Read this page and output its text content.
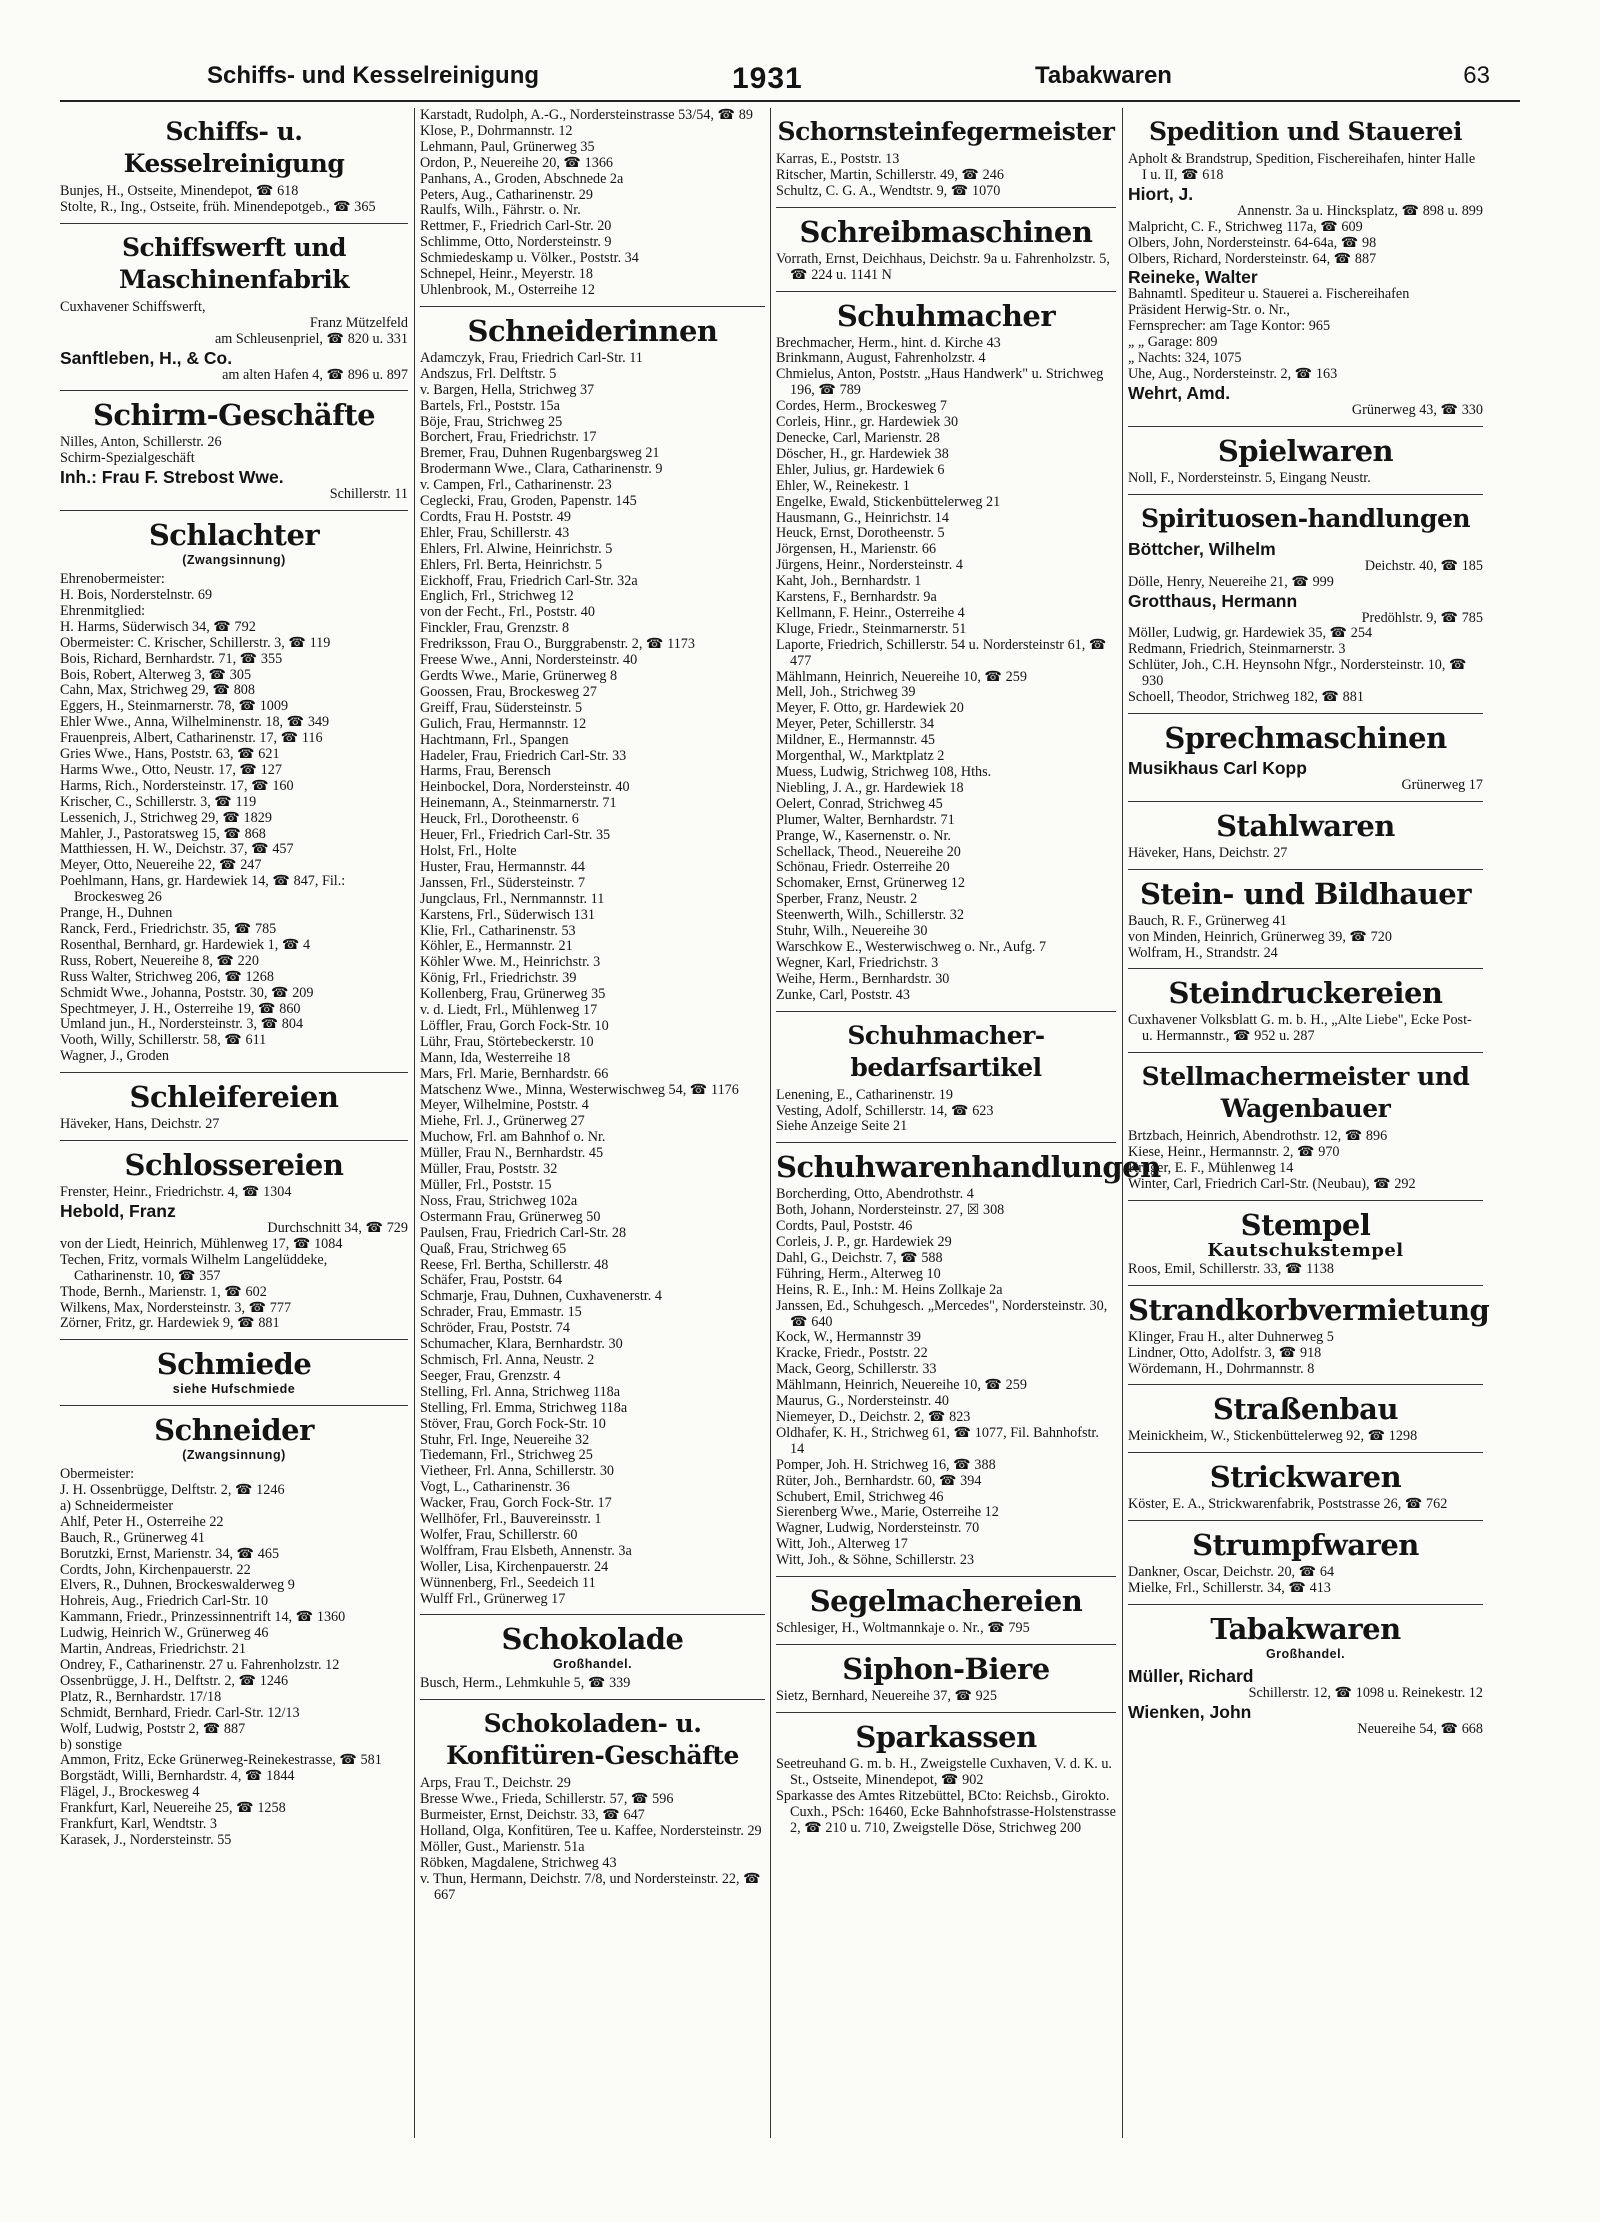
Schiffs- und Kesselreinigung	1931	Tabakwaren	63
Schiffs- u. Kesselreinigung

Bunjes, H., Ostseite, Minendepot, ☎ 618

Stolte, R., Ing., Ostseite, früh. Minendepotgeb., ☎ 365

Schiffswerft und Maschinenfabrik

Cuxhavener Schiffswerft,

Franz Mützelfeld

am Schleusenpriel, ☎ 820 u. 331

Sanftleben, H., & Co.

am alten Hafen 4, ☎ 896 u. 897

Schirm-Geschäfte

Nilles, Anton, Schillerstr. 26

Schirm-Spezialgeschäft

Inh.: Frau F. Strebost Wwe.

Schillerstr. 11

Schlachter
(Zwangsinnung)

Ehrenobermeister:

H. Bois, Norderstelnstr. 69

Ehrenmitglied:

H. Harms, Süderwisch 34, ☎ 792

Obermeister: C. Krischer, Schillerstr. 3, ☎ 119

Bois, Richard, Bernhardstr. 71, ☎ 355

Bois, Robert, Alterweg 3, ☎ 305

Cahn, Max, Strichweg 29, ☎ 808

Eggers, H., Steinmarnerstr. 78, ☎ 1009

Ehler Wwe., Anna, Wilhelminenstr. 18, ☎ 349

Frauenpreis, Albert, Catharinenstr. 17, ☎ 116

Gries Wwe., Hans, Poststr. 63, ☎ 621

Harms Wwe., Otto, Neustr. 17, ☎ 127

Harms, Rich., Nordersteinstr. 17, ☎ 160

Krischer, C., Schillerstr. 3, ☎ 119

Lessenich, J., Strichweg 29, ☎ 1829

Mahler, J., Pastoratsweg 15, ☎ 868

Matthiessen, H. W., Deichstr. 37, ☎ 457

Meyer, Otto, Neuereihe 22, ☎ 247

Poehlmann, Hans, gr. Hardewiek 14, ☎ 847, Fil.: Brockesweg 26

Prange, H., Duhnen

Ranck, Ferd., Friedrichstr. 35, ☎ 785

Rosenthal, Bernhard, gr. Hardewiek 1, ☎ 4

Russ, Robert, Neuereihe 8, ☎ 220

Russ Walter, Strichweg 206, ☎ 1268

Schmidt Wwe., Johanna, Poststr. 30, ☎ 209

Spechtmeyer, J. H., Osterreihe 19, ☎ 860

Umland jun., H., Nordersteinstr. 3, ☎ 804

Vooth, Willy, Schillerstr. 58, ☎ 611

Wagner, J., Groden

Schleifereien

Häveker, Hans, Deichstr. 27

Schlossereien

Frenster, Heinr., Friedrichstr. 4, ☎ 1304

Hebold, Franz

Durchschnitt 34, ☎ 729

von der Liedt, Heinrich, Mühlenweg 17, ☎ 1084

Techen, Fritz, vormals Wilhelm Langelüddeke, Catharinenstr. 10, ☎ 357

Thode, Bernh., Marienstr. 1, ☎ 602

Wilkens, Max, Nordersteinstr. 3, ☎ 777

Zörner, Fritz, gr. Hardewiek 9, ☎ 881

Schmiede
siehe Hufschmiede
Schneider
(Zwangsinnung)

Obermeister:

J. H. Ossenbrügge, Delftstr. 2, ☎ 1246

a) Schneidermeister

Ahlf, Peter H., Osterreihe 22

Bauch, R., Grünerweg 41

Borutzki, Ernst, Marienstr. 34, ☎ 465

Cordts, John, Kirchenpauerstr. 22

Elvers, R., Duhnen, Brockeswalderweg 9

Hohreis, Aug., Friedrich Carl-Str. 10

Kammann, Friedr., Prinzessinnentrift 14, ☎ 1360

Ludwig, Heinrich W., Grünerweg 46

Martin, Andreas, Friedrichstr. 21

Ondrey, F., Catharinenstr. 27 u. Fahrenholzstr. 12

Ossenbrügge, J. H., Delftstr. 2, ☎ 1246

Platz, R., Bernhardstr. 17/18

Schmidt, Bernhard, Friedr. Carl-Str. 12/13

Wolf, Ludwig, Poststr 2, ☎ 887

b) sonstige

Ammon, Fritz, Ecke Grünerweg-Reinekestrasse, ☎ 581

Borgstädt, Willi, Bernhardstr. 4, ☎ 1844

Flägel, J., Brockesweg 4

Frankfurt, Karl, Neuereihe 25, ☎ 1258

Frankfurt, Karl, Wendtstr. 3

Karasek, J., Nordersteinstr. 55

Karstadt, Rudolph, A.-G., Nordersteinstrasse 53/54, ☎ 89

Klose, P., Dohrmannstr. 12

Lehmann, Paul, Grünerweg 35

Ordon, P., Neuereihe 20, ☎ 1366

Panhans, A., Groden, Abschnede 2a

Peters, Aug., Catharinenstr. 29

Raulfs, Wilh., Fährstr. o. Nr.

Rettmer, F., Friedrich Carl-Str. 20

Schlimme, Otto, Nordersteinstr. 9

Schmiedeskamp u. Völker., Poststr. 34

Schnepel, Heinr., Meyerstr. 18

Uhlenbrook, M., Osterreihe 12

Schneiderinnen

Adamczyk, Frau, Friedrich Carl-Str. 11

Andszus, Frl. Delftstr. 5

v. Bargen, Hella, Strichweg 37

Bartels, Frl., Poststr. 15a

Böje, Frau, Strichweg 25

Borchert, Frau, Friedrichstr. 17

Bremer, Frau, Duhnen Rugenbargsweg 21

Brodermann Wwe., Clara, Catharinenstr. 9

v. Campen, Frl., Catharinenstr. 23

Ceglecki, Frau, Groden, Papenstr. 145

Cordts, Frau H. Poststr. 49

Ehler, Frau, Schillerstr. 43

Ehlers, Frl. Alwine, Heinrichstr. 5

Ehlers, Frl. Berta, Heinrichstr. 5

Eickhoff, Frau, Friedrich Carl-Str. 32a

Englich, Frl., Strichweg 12

von der Fecht., Frl., Poststr. 40

Finckler, Frau, Grenzstr. 8

Fredriksson, Frau O., Burggrabenstr. 2, ☎ 1173

Freese Wwe., Anni, Nordersteinstr. 40

Gerdts Wwe., Marie, Grünerweg 8

Goossen, Frau, Brockesweg 27

Greiff, Frau, Südersteinstr. 5

Gulich, Frau, Hermannstr. 12

Hachtmann, Frl., Spangen

Hadeler, Frau, Friedrich Carl-Str. 33

Harms, Frau, Berensch

Heinbockel, Dora, Nordersteinstr. 40

Heinemann, A., Steinmarnerstr. 71

Heuck, Frl., Dorotheenstr. 6

Heuer, Frl., Friedrich Carl-Str. 35

Holst, Frl., Holte

Huster, Frau, Hermannstr. 44

Janssen, Frl., Südersteinstr. 7

Jungclaus, Frl., Nernmannstr. 11

Karstens, Frl., Süderwisch 131

Klie, Frl., Catharinenstr. 53

Köhler, E., Hermannstr. 21

Köhler Wwe. M., Heinrichstr. 3

König, Frl., Friedrichstr. 39

Kollenberg, Frau, Grünerweg 35

v. d. Liedt, Frl., Mühlenweg 17

Löffler, Frau, Gorch Fock-Str. 10

Lühr, Frau, Störtebeckerstr. 10

Mann, Ida, Westerreihe 18

Mars, Frl. Marie, Bernhardstr. 66

Matschenz Wwe., Minna, Westerwischweg 54, ☎ 1176

Meyer, Wilhelmine, Poststr. 4

Miehe, Frl. J., Grünerweg 27

Muchow, Frl. am Bahnhof o. Nr.

Müller, Frau N., Bernhardstr. 45

Müller, Frau, Poststr. 32

Müller, Frl., Poststr. 15

Noss, Frau, Strichweg 102a

Ostermann Frau, Grünerweg 50

Paulsen, Frau, Friedrich Carl-Str. 28

Quaß, Frau, Strichweg 65

Reese, Frl. Bertha, Schillerstr. 48

Schäfer, Frau, Poststr. 64

Schmarje, Frau, Duhnen, Cuxhavenerstr. 4

Schrader, Frau, Emmastr. 15

Schröder, Frau, Poststr. 74

Schumacher, Klara, Bernhardstr. 30

Schmisch, Frl. Anna, Neustr. 2

Seeger, Frau, Grenzstr. 4

Stelling, Frl. Anna, Strichweg 118a

Stelling, Frl. Emma, Strichweg 118a

Stöver, Frau, Gorch Fock-Str. 10

Stuhr, Frl. Inge, Neuereihe 32

Tiedemann, Frl., Strichweg 25

Vietheer, Frl. Anna, Schillerstr. 30

Vogt, L., Catharinenstr. 36

Wacker, Frau, Gorch Fock-Str. 17

Wellhöfer, Frl., Bauvereinsstr. 1

Wolfer, Frau, Schillerstr. 60

Wolffram, Frau Elsbeth, Annenstr. 3a

Woller, Lisa, Kirchenpauerstr. 24

Wünnenberg, Frl., Seedeich 11

Wulff Frl., Grünerweg 17

Schokolade
Großhandel.

Busch, Herm., Lehmkuhle 5, ☎ 339

Schokoladen- u. Konfitüren-Geschäfte

Arps, Frau T., Deichstr. 29

Bresse Wwe., Frieda, Schillerstr. 57, ☎ 596

Burmeister, Ernst, Deichstr. 33, ☎ 647

Holland, Olga, Konfitüren, Tee u. Kaffee, Nordersteinstr. 29

Möller, Gust., Marienstr. 51a

Röbken, Magdalene, Strichweg 43

v. Thun, Hermann, Deichstr. 7/8, und Nordersteinstr. 22, ☎ 667

Schornsteinfegermeister

Karras, E., Poststr. 13

Ritscher, Martin, Schillerstr. 49, ☎ 246

Schultz, C. G. A., Wendtstr. 9, ☎ 1070

Schreibmaschinen

Vorrath, Ernst, Deichhaus, Deichstr. 9a u. Fahrenholzstr. 5, ☎ 224 u. 1141 N

Schuhmacher

Brechmacher, Herm., hint. d. Kirche 43

Brinkmann, August, Fahrenholzstr. 4

Chmielus, Anton, Poststr. „Haus Handwerk" u. Strichweg 196, ☎ 789

Cordes, Herm., Brockesweg 7

Corleis, Hinr., gr. Hardewiek 30

Denecke, Carl, Marienstr. 28

Döscher, H., gr. Hardewiek 38

Ehler, Julius, gr. Hardewiek 6

Ehler, W., Reinekestr. 1

Engelke, Ewald, Stickenbüttelerweg 21

Hausmann, G., Heinrichstr. 14

Heuck, Ernst, Dorotheenstr. 5

Jörgensen, H., Marienstr. 66

Jürgens, Heinr., Nordersteinstr. 4

Kaht, Joh., Bernhardstr. 1

Karstens, F., Bernhardstr. 9a

Kellmann, F. Heinr., Osterreihe 4

Kluge, Friedr., Steinmarnerstr. 51

Laporte, Friedrich, Schillerstr. 54 u. Nordersteinstr 61, ☎ 477

Mählmann, Heinrich, Neuereihe 10, ☎ 259

Mell, Joh., Strichweg 39

Meyer, F. Otto, gr. Hardewiek 20

Meyer, Peter, Schillerstr. 34

Mildner, E., Hermannstr. 45

Morgenthal, W., Marktplatz 2

Muess, Ludwig, Strichweg 108, Hths.

Niebling, J. A., gr. Hardewiek 18

Oelert, Conrad, Strichweg 45

Plumer, Walter, Bernhardstr. 71

Prange, W., Kasernenstr. o. Nr.

Schellack, Theod., Neuereihe 20

Schönau, Friedr. Osterreihe 20

Schomaker, Ernst, Grünerweg 12

Sperber, Franz, Neustr. 2

Steenwerth, Wilh., Schillerstr. 32

Stuhr, Wilh., Neuereihe 30

Warschkow E., Westerwischweg o. Nr., Aufg. 7

Wegner, Karl, Friedrichstr. 3

Weihe, Herm., Bernhardstr. 30

Zunke, Carl, Poststr. 43

Schuhmacher-bedarfsartikel

Lenening, E., Catharinenstr. 19

Vesting, Adolf, Schillerstr. 14, ☎ 623

Siehe Anzeige Seite 21

Schuhwarenhandlungen

Borcherding, Otto, Abendrothstr. 4

Both, Johann, Nordersteinstr. 27, ☒ 308

Cordts, Paul, Poststr. 46

Corleis, J. P., gr. Hardewiek 29

Dahl, G., Deichstr. 7, ☎ 588

Führing, Herm., Alterweg 10

Heins, R. E., Inh.: M. Heins Zollkaje 2a

Janssen, Ed., Schuhgesch. „Mercedes", Nordersteinstr. 30, ☎ 640

Kock, W., Hermannstr 39

Kracke, Friedr., Poststr. 22

Mack, Georg, Schillerstr. 33

Mählmann, Heinrich, Neuereihe 10, ☎ 259

Maurus, G., Nordersteinstr. 40

Niemeyer, D., Deichstr. 2, ☎ 823

Oldhafer, K. H., Strichweg 61, ☎ 1077, Fil. Bahnhofstr. 14

Pomper, Joh. H. Strichweg 16, ☎ 388

Rüter, Joh., Bernhardstr. 60, ☎ 394

Schubert, Emil, Strichweg 46

Sierenberg Wwe., Marie, Osterreihe 12

Wagner, Ludwig, Nordersteinstr. 70

Witt, Joh., Alterweg 17

Witt, Joh., & Söhne, Schillerstr. 23

Segelmachereien

Schlesiger, H., Woltmannkaje o. Nr., ☎ 795

Siphon-Biere

Sietz, Bernhard, Neuereihe 37, ☎ 925

Sparkassen

Seetreuhand G. m. b. H., Zweigstelle Cuxhaven, V. d. K. u. St., Ostseite, Minendepot, ☎ 902

Sparkasse des Amtes Ritzebüttel, BCto: Reichsb., Girokto. Cuxh., PSch: 16460, Ecke Bahnhofstrasse-Holstenstrasse 2, ☎ 210 u. 710, Zweigstelle Döse, Strichweg 200

Spedition und Stauerei

Apholt & Brandstrup, Spedition, Fischereihafen, hinter Halle I u. II, ☎ 618

Hiort, J.

Annenstr. 3a u. Hincksplatz, ☎ 898 u. 899

Malpricht, C. F., Strichweg 117a, ☎ 609

Olbers, John, Nordersteinstr. 64-64a, ☎ 98

Olbers, Richard, Nordersteinstr. 64, ☎ 887

Reineke, Walter

Bahnamtl. Spediteur u. Stauerei a. Fischereihafen

Präsident Herwig-Str. o. Nr.,

Fernsprecher: am Tage Kontor: 965

„ „ Garage: 809

„ Nachts: 324, 1075

Uhe, Aug., Nordersteinstr. 2, ☎ 163

Wehrt, Amd.

Grünerweg 43, ☎ 330

Spielwaren

Noll, F., Nordersteinstr. 5, Eingang Neustr.

Spirituosen-handlungen

Böttcher, Wilhelm

Deichstr. 40, ☎ 185

Dölle, Henry, Neuereihe 21, ☎ 999

Grotthaus, Hermann

Predöhlstr. 9, ☎ 785

Möller, Ludwig, gr. Hardewiek 35, ☎ 254

Redmann, Friedrich, Steinmarnerstr. 3

Schlüter, Joh., C.H. Heynsohn Nfgr., Nordersteinstr. 10, ☎ 930

Schoell, Theodor, Strichweg 182, ☎ 881

Sprechmaschinen

Musikhaus Carl Kopp

Grünerweg 17

Stahlwaren

Häveker, Hans, Deichstr. 27

Stein- und Bildhauer

Bauch, R. F., Grünerweg 41

von Minden, Heinrich, Grünerweg 39, ☎ 720

Wolfram, H., Strandstr. 24

Steindruckereien

Cuxhavener Volksblatt G. m. b. H., „Alte Liebe", Ecke Post- u. Hermannstr., ☎ 952 u. 287

Stellmachermeister und Wagenbauer

Brtzbach, Heinrich, Abendrothstr. 12, ☎ 896

Kiese, Heinr., Hermannstr. 2, ☎ 970

Krüger, E. F., Mühlenweg 14

Winter, Carl, Friedrich Carl-Str. (Neubau), ☎ 292

Stempel
Kautschukstempel

Roos, Emil, Schillerstr. 33, ☎ 1138

Strandkorbvermietung

Klinger, Frau H., alter Duhnerweg 5

Lindner, Otto, Adolfstr. 3, ☎ 918

Wördemann, H., Dohrmannstr. 8

Straßenbau

Meinickheim, W., Stickenbüttelerweg 92, ☎ 1298

Strickwaren

Köster, E. A., Strickwarenfabrik, Poststrasse 26, ☎ 762

Strumpfwaren

Dankner, Oscar, Deichstr. 20, ☎ 64

Mielke, Frl., Schillerstr. 34, ☎ 413

Tabakwaren
Großhandel.

Müller, Richard

Schillerstr. 12, ☎ 1098 u. Reinekestr. 12

Wienken, John

Neuereihe 54, ☎ 668
